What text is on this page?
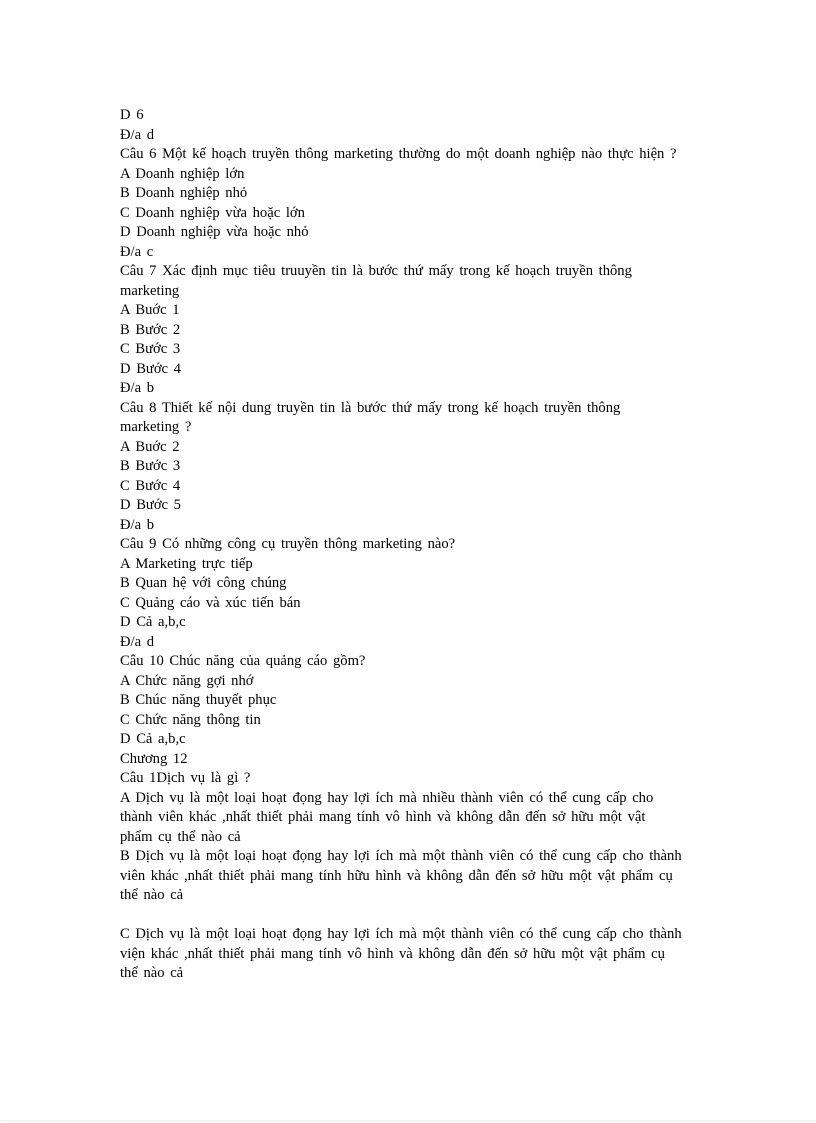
D 6
Đ/a d
Câu 6 Một kế hoạch truyền thông marketing thường do một doanh nghiệp nào thực hiện ?
A Doanh nghiệp lớn
B Doanh nghiệp nhỏ
C Doanh nghiệp vừa hoặc lớn
D Doanh nghiệp vừa hoặc nhỏ
Đ/a c
Câu 7 Xác định mục tiêu truuyền tin là bước thứ mấy trong kế hoạch truyền thông
marketing
A Buớc 1
B Bước 2
C Bước 3
D Bước 4
Đ/a b
Câu 8 Thiết kế nội dung truyền tin là bước thứ mấy trong kế hoạch truyền thông
marketing ?
A Buớc 2
B Bước 3
C Bước 4
D Bước 5
Đ/a b
Câu 9 Có những công cụ truyền thông marketing nào?
A Marketing trực tiếp
B Quan hệ với công chúng
C Quảng cáo và xúc tiến bán
D Cả a,b,c
Đ/a d
Câu 10 Chúc năng của quảng cáo gồm?
A Chức năng gợi nhớ
B Chúc năng thuyết phục
C Chức năng thông tin
D Cả a,b,c
Chương 12
Câu 1Dịch vụ là gì ?
A Dịch vụ là một loại hoạt đọng hay lợi ích mà nhiều thành viên có thể cung cấp cho
thành viên khác ,nhất thiết phải mang tính vô hình và không dẫn đến sở hữu một vật
phẩm cụ thể nào cả
B Dịch vụ là một loại hoạt đọng hay lợi ích mà một thành viên có thể cung cấp cho thành
viên khác ,nhất thiết phải mang tính hữu hình và không dẫn đến sở hữu một vật phẩm cụ
thể nào cả
C Dịch vụ là một loại hoạt đọng hay lợi ích mà một thành viên có thể cung cấp cho thành
viện khác ,nhất thiết phải mang tính vô hình và không dẫn đến sở hữu một vật phẩm cụ
thể nào cả
